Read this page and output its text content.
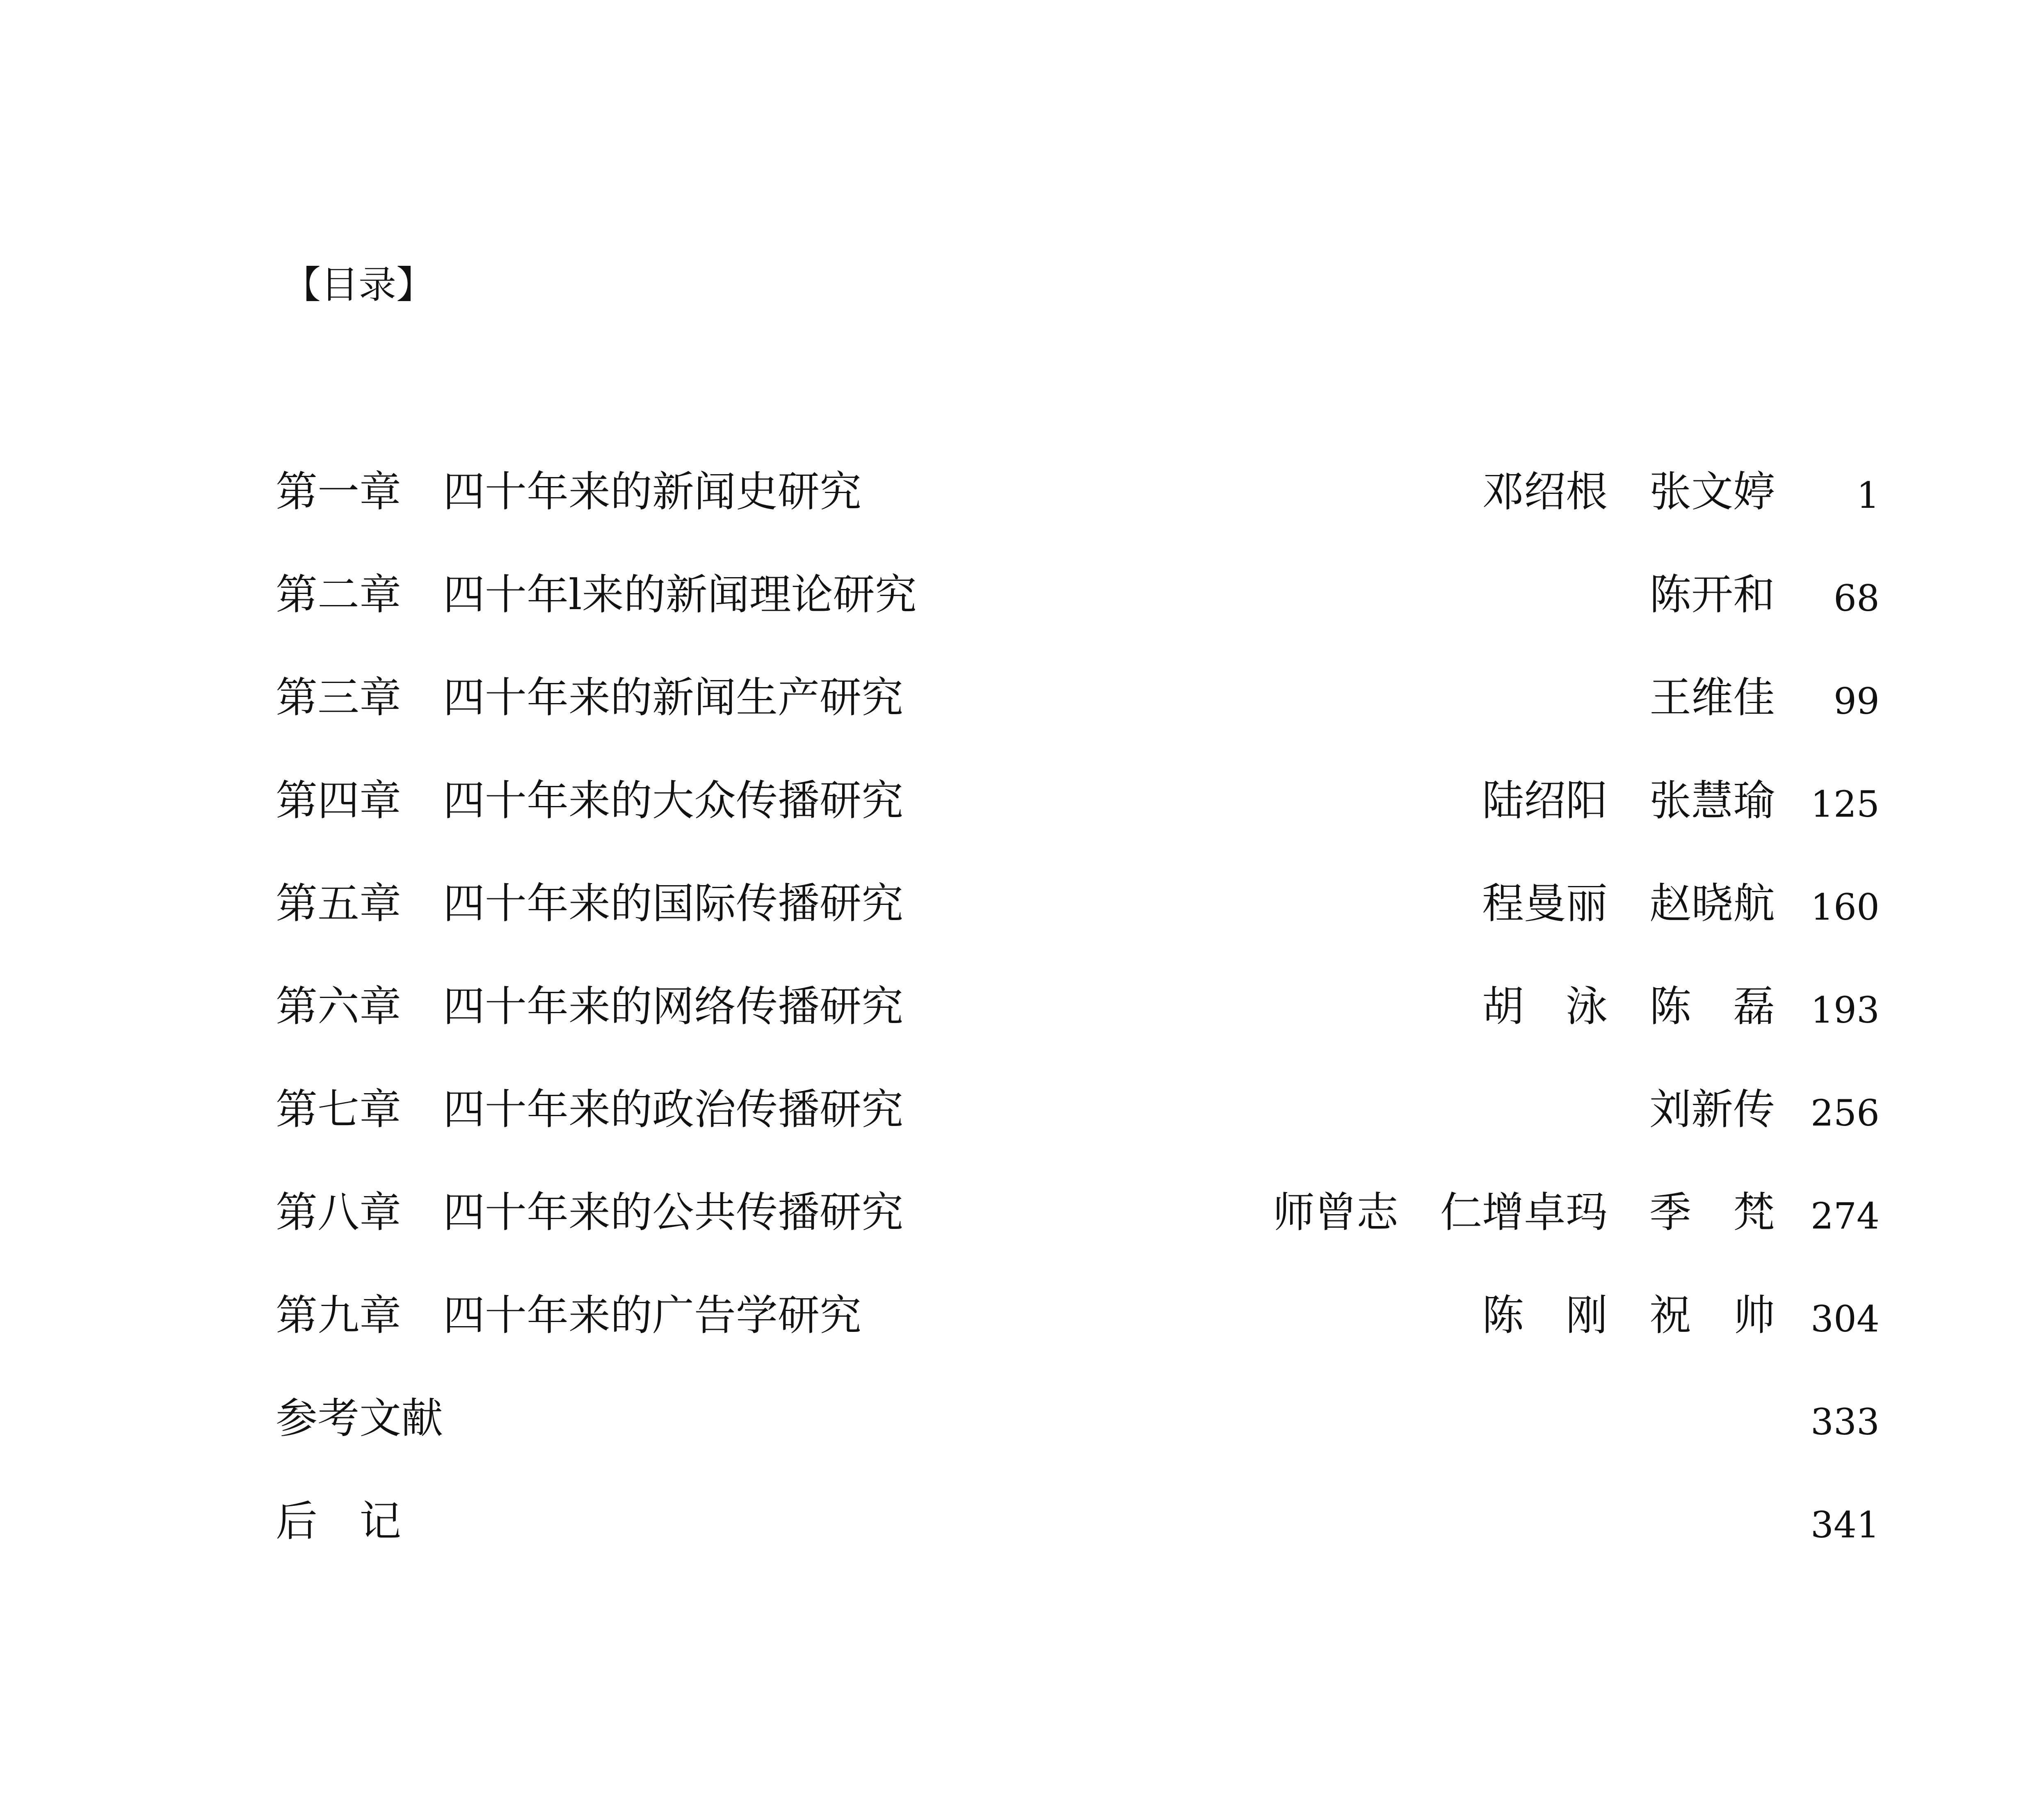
【目录】
第一章　四十年来的新闻史研究	邓绍根　张文婷	1
第二章　四十年l来的新闻理论研究	陈开和	68
第三章　四十年来的新闻生产研究	王维佳	99
第四章　四十年来的大众传播研究	陆绍阳　张慧瑜 125
第五章　四十年来的国际传播研究	程曼丽　赵晓航 160
第六章　四十年来的网络传播研究	胡　泳　陈　磊 193
第七章　四十年来的政治传播研究	刘新传 256
第八章　四十年来的公共传播研究	师曾志　仁增卓玛　季　梵 274
第九章　四十年来的广告学研究	陈　刚　祝　帅 304
参考文献	333
后　记	341
